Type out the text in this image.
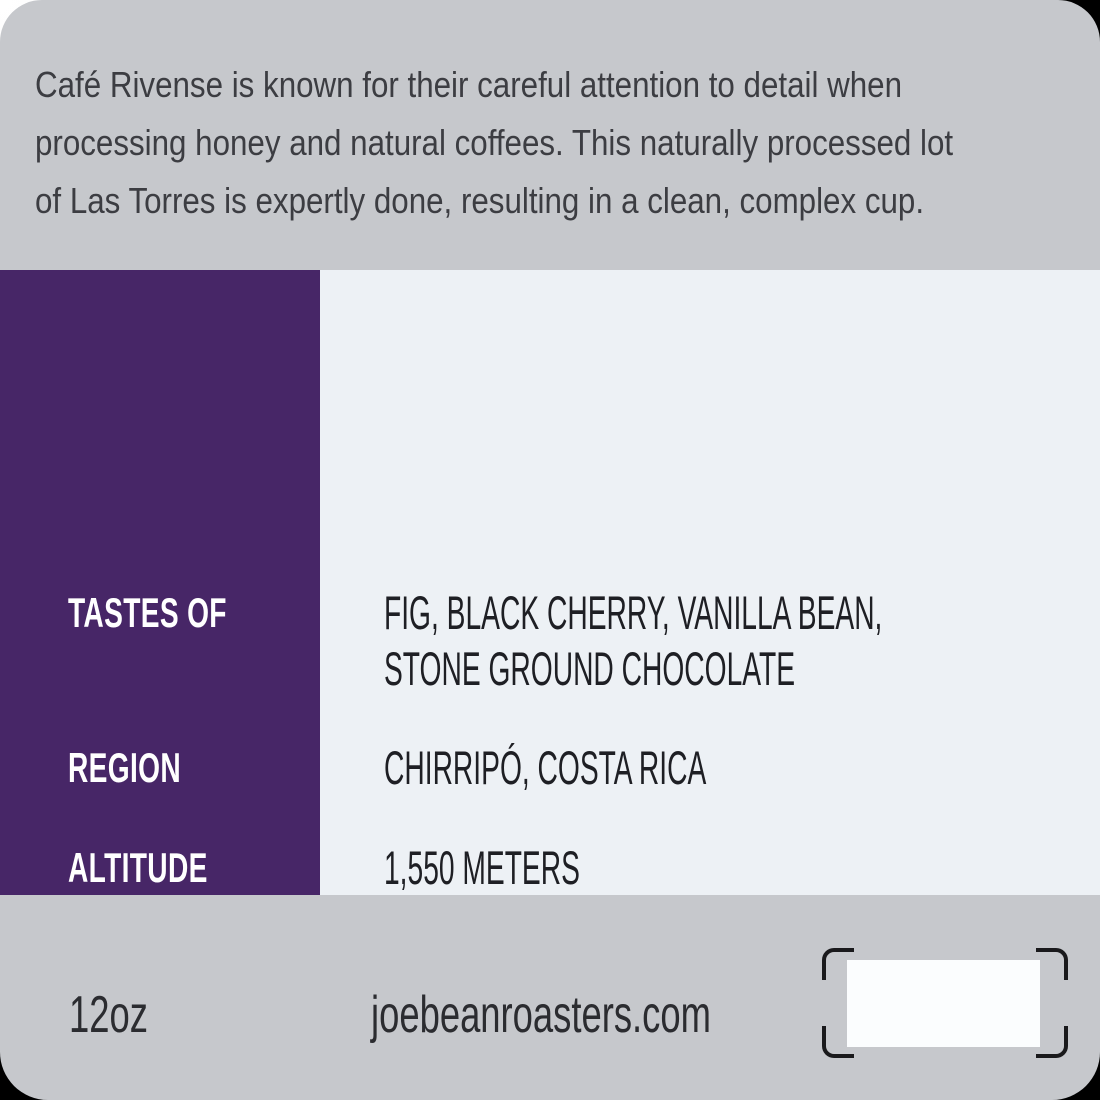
Café Rivense is known for their careful attention to detail when
processing honey and natural coffees. This naturally processed lot
of Las Torres is expertly done, resulting in a clean, complex cup.
TASTES OF	FIG, BLACK CHERRY, VANILLA BEAN,
STONE GROUND CHOCOLATE
REGION	CHIRRIPÓ, COSTA RICA
ALTITUDE	1,550 METERS
12oz	joebeanroasters.com
